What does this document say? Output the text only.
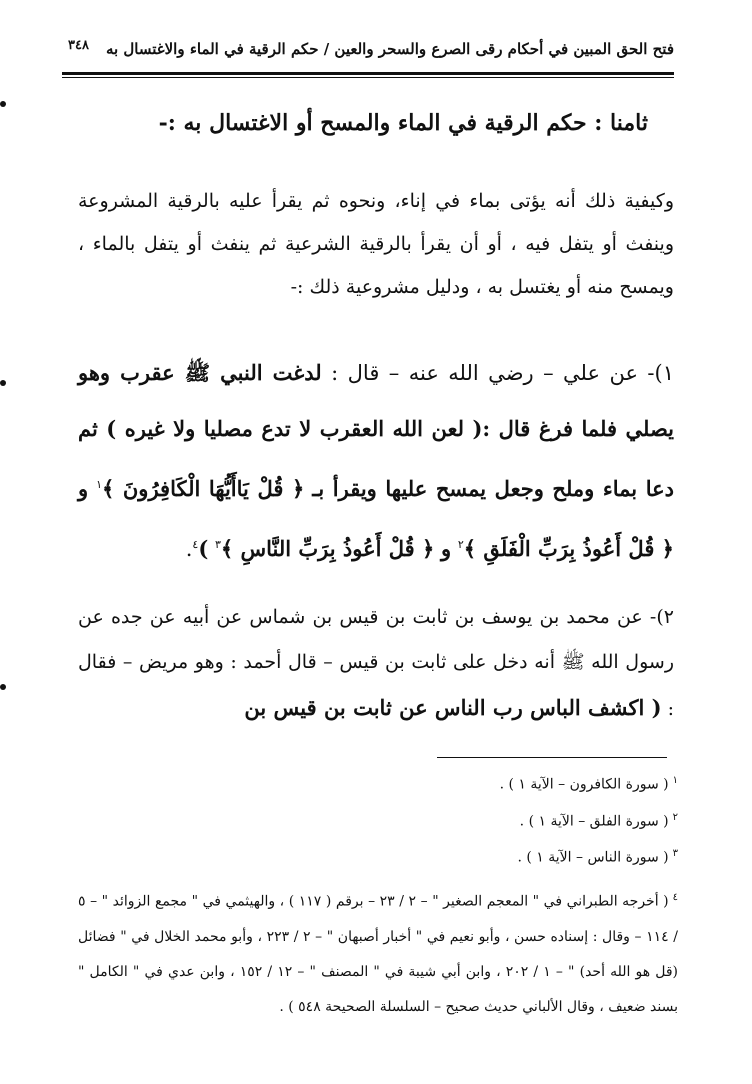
فتح الحق المبين في أحكام رقى الصرع والسحر والعين / حكم الرقية في الماء والاغتسال به
٣٤٨
ثامنا : حكم الرقية في الماء والمسح أو الاغتسال به :-

وكيفية ذلك أنه يؤتى بماء في إناء، ونحوه ثم يقرأ عليه بالرقية المشروعة وينفث أو يتفل فيه ، أو أن يقرأ بالرقية الشرعية ثم ينفث أو يتفل بالماء ، ويمسح منه أو يغتسل به ، ودليل مشروعية ذلك :-

١)- عن علي – رضي الله عنه – قال : لدغت النبي ﷺ عقرب وهو يصلي فلما فرغ قال :( لعن الله العقرب لا تدع مصليا ولا غيره ) ثم دعا بماء وملح وجعل يمسح عليها ويقرأ بـ ﴿ قُلْ يَاأَيُّهَا الْكَافِرُونَ ﴾$^١$ و ﴿ قُلْ أَعُوذُ بِرَبِّ الْفَلَقِ ﴾$^٢$ و ﴿ قُلْ أَعُوذُ بِرَبِّ النَّاسِ ﴾$^٣$ )$^٤$.

٢)- عن محمد بن يوسف بن ثابت بن قيس بن شماس عن أبيه عن جده عن رسول الله ﷺ أنه دخل على ثابت بن قيس – قال أحمد : وهو مريض – فقال : ( اكشف الباس رب الناس عن ثابت بن قيس بن

$^١$( سورة الكافرون – الآية ١ ) .
$^٢$( سورة الفلق – الآية ١ ) .
$^٣$( سورة الناس – الآية ١ ) .
$^٤$( أخرجه الطبراني في " المعجم الصغير " – ٢ / ٢٣ – برقم ( ١١٧ ) ، والهيثمي في " مجمع الزوائد " – ٥ / ١١٤ – وقال : إسناده حسن ، وأبو نعيم في " أخبار أصبهان " – ٢ / ٢٢٣ ، وأبو محمد الخلال في " فضائل (قل هو الله أحد) " – ١ / ٢٠٢ ، وابن أبي شيبة في " المصنف " – ١٢ / ١٥٢ ، وابن عدي في " الكامل " بسند ضعيف ، وقال الألباني حديث صحيح – السلسلة الصحيحة ٥٤٨ ) .
